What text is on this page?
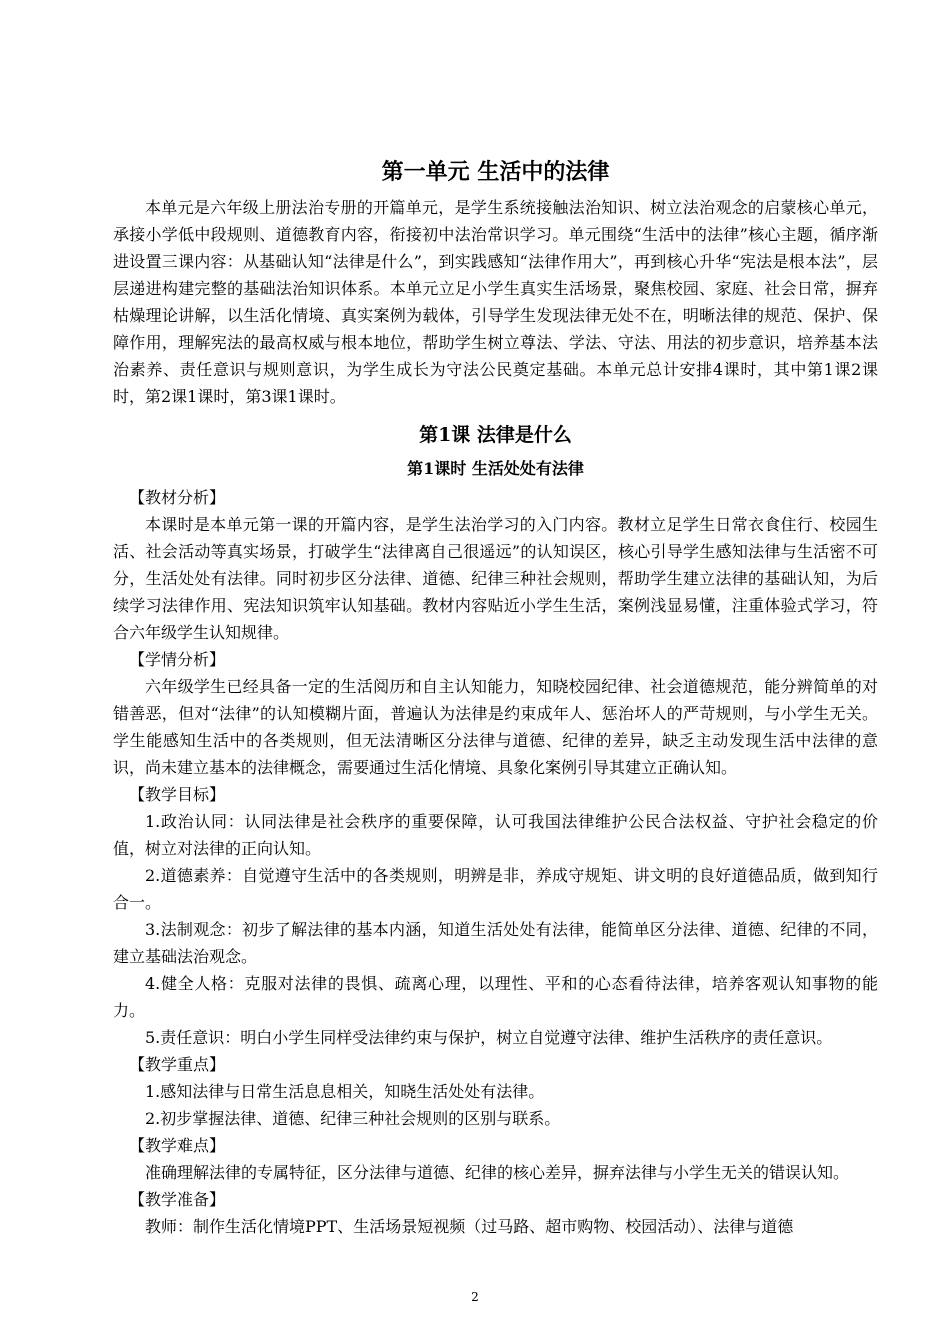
第一单元 生活中的法律

本单元是六年级上册法治专册的开篇单元，是学生系统接触法治知识、树立法治观念的启蒙核心单元，承接小学低中段规则、道德教育内容，衔接初中法治常识学习。单元围绕“生活中的法律”核心主题，循序渐进设置三课内容：从基础认知“法律是什么”，到实践感知“法律作用大”，再到核心升华“宪法是根本法”，层层递进构建完整的基础法治知识体系。本单元立足小学生真实生活场景，聚焦校园、家庭、社会日常，摒弃枯燥理论讲解，以生活化情境、真实案例为载体，引导学生发现法律无处不在，明晰法律的规范、保护、保障作用，理解宪法的最高权威与根本地位，帮助学生树立尊法、学法、守法、用法的初步意识，培养基本法治素养、责任意识与规则意识，为学生成长为守法公民奠定基础。本单元总计安排4课时，其中第1课2课时，第2课1课时，第3课1课时。

第1课 法律是什么
第1课时 生活处处有法律
【教材分析】

本课时是本单元第一课的开篇内容，是学生法治学习的入门内容。教材立足学生日常衣食住行、校园生活、社会活动等真实场景，打破学生“法律离自己很遥远”的认知误区，核心引导学生感知法律与生活密不可分，生活处处有法律。同时初步区分法律、道德、纪律三种社会规则，帮助学生建立法律的基础认知，为后续学习法律作用、宪法知识筑牢认知基础。教材内容贴近小学生生活，案例浅显易懂，注重体验式学习，符合六年级学生认知规律。

【学情分析】

六年级学生已经具备一定的生活阅历和自主认知能力，知晓校园纪律、社会道德规范，能分辨简单的对错善恶，但对“法律”的认知模糊片面，普遍认为法律是约束成年人、惩治坏人的严苛规则，与小学生无关。学生能感知生活中的各类规则，但无法清晰区分法律与道德、纪律的差异，缺乏主动发现生活中法律的意识，尚未建立基本的法律概念，需要通过生活化情境、具象化案例引导其建立正确认知。

【教学目标】

1.政治认同：认同法律是社会秩序的重要保障，认可我国法律维护公民合法权益、守护社会稳定的价值，树立对法律的正向认知。

2.道德素养：自觉遵守生活中的各类规则，明辨是非，养成守规矩、讲文明的良好道德品质，做到知行合一。

3.法制观念：初步了解法律的基本内涵，知道生活处处有法律，能简单区分法律、道德、纪律的不同，建立基础法治观念。

4.健全人格：克服对法律的畏惧、疏离心理，以理性、平和的心态看待法律，培养客观认知事物的能力。

5.责任意识：明白小学生同样受法律约束与保护，树立自觉遵守法律、维护生活秩序的责任意识。

【教学重点】

1.感知法律与日常生活息息相关，知晓生活处处有法律。

2.初步掌握法律、道德、纪律三种社会规则的区别与联系。

【教学难点】

准确理解法律的专属特征，区分法律与道德、纪律的核心差异，摒弃法律与小学生无关的错误认知。

【教学准备】

教师：制作生活化情境PPT、生活场景短视频（过马路、超市购物、校园活动）、法律与道德

2
